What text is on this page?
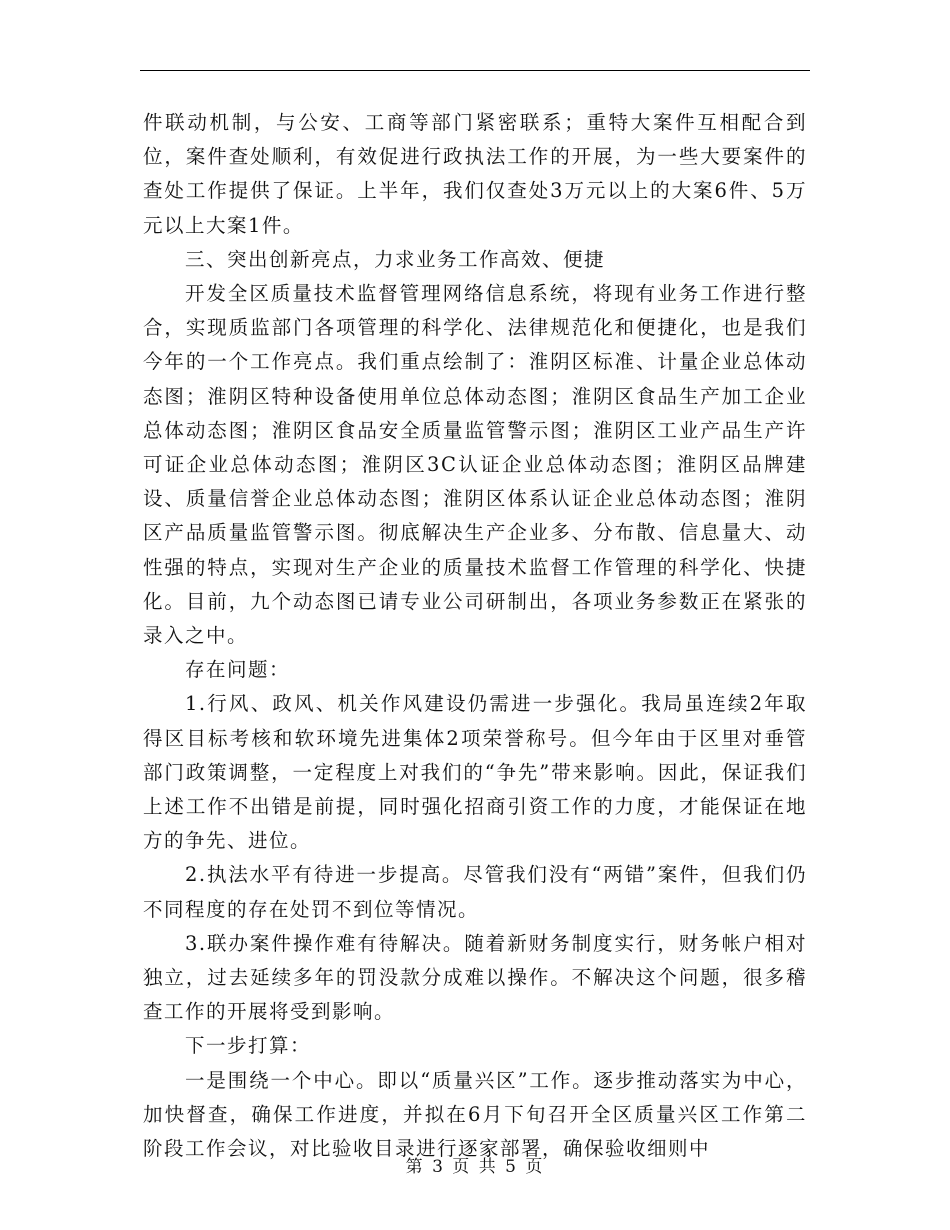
件联动机制，与公安、工商等部门紧密联系；重特大案件互相配合到位，案件查处顺利，有效促进行政执法工作的开展，为一些大要案件的查处工作提供了保证。上半年，我们仅查处3万元以上的大案6件、5万元以上大案1件。

三、突出创新亮点，力求业务工作高效、便捷

开发全区质量技术监督管理网络信息系统，将现有业务工作进行整合，实现质监部门各项管理的科学化、法律规范化和便捷化，也是我们今年的一个工作亮点。我们重点绘制了：淮阴区标准、计量企业总体动态图；淮阴区特种设备使用单位总体动态图；淮阴区食品生产加工企业总体动态图；淮阴区食品安全质量监管警示图；淮阴区工业产品生产许可证企业总体动态图；淮阴区3C认证企业总体动态图；淮阴区品牌建设、质量信誉企业总体动态图；淮阴区体系认证企业总体动态图；淮阴区产品质量监管警示图。彻底解决生产企业多、分布散、信息量大、动性强的特点，实现对生产企业的质量技术监督工作管理的科学化、快捷化。目前，九个动态图已请专业公司研制出，各项业务参数正在紧张的录入之中。

存在问题：

1.行风、政风、机关作风建设仍需进一步强化。我局虽连续2年取得区目标考核和软环境先进集体2项荣誉称号。但今年由于区里对垂管部门政策调整，一定程度上对我们的“争先”带来影响。因此，保证我们上述工作不出错是前提，同时强化招商引资工作的力度，才能保证在地方的争先、进位。

2.执法水平有待进一步提高。尽管我们没有“两错”案件，但我们仍不同程度的存在处罚不到位等情况。

3.联办案件操作难有待解决。随着新财务制度实行，财务帐户相对独立，过去延续多年的罚没款分成难以操作。不解决这个问题，很多稽查工作的开展将受到影响。

下一步打算：

一是围绕一个中心。即以“质量兴区”工作。逐步推动落实为中心，加快督查，确保工作进度，并拟在6月下旬召开全区质量兴区工作第二阶段工作会议，对比验收目录进行逐家部署，确保验收细则中

第 3 页 共 5 页
